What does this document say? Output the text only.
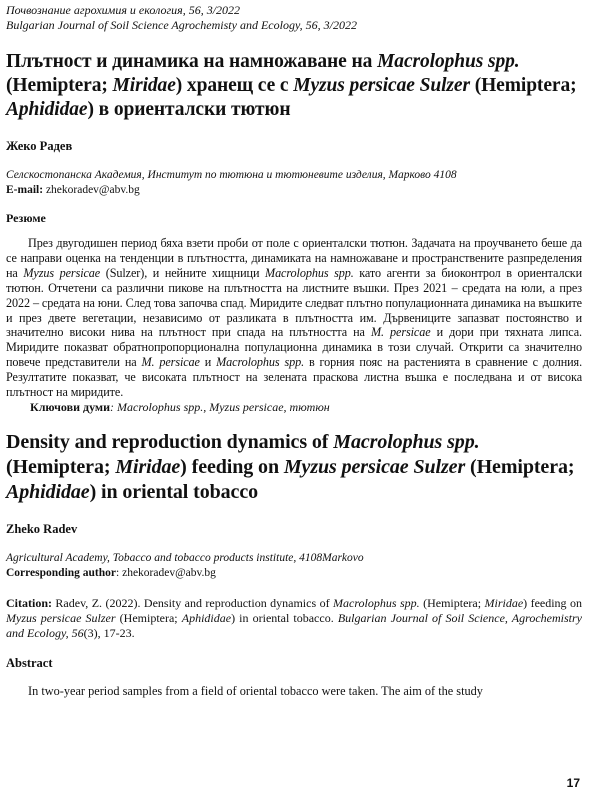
Почвознание агрохимия и екология, 56, 3/2022

Bulgarian Journal of Soil Science Agrochemisty and Ecology, 56, 3/2022

Плътност и динамика на намножаване на Macrolophus spp. (Hemiptera; Miridae) хранещ се с Myzus persicae Sulzer (Hemiptera; Aphididae) в ориенталски тютюн

Жеко Радев

Селскостопанска Академия, Институт по тютюна и тютюневите изделия, Марково 4108

E-mail: zhekoradev@abv.bg

Резюме

През двугодишен период бяха взети проби от поле с ориенталски тютюн. Задачата на проучването беше да се направи оценка на тенденции в плътността, динамиката на намножаване и пространствените разпределения на Myzus persicae (Sulzer), и нейните хищници Macrolophus spp. като агенти за биоконтрол в ориенталски тютюн. Отчетени са различни пикове на плътността на листните въшки. През 2021 – средата на юли, а през 2022 – средата на юни. След това започва спад. Миридите следват плътно популационната динамика на въшките и през двете вегетации, независимо от разликата в плътността им. Дървениците запазват постоянство и значително високи нива на плътност при спада на плътността на M. persicae и дори при тяхната липса. Миридите показват обратнопропорционална популационна динамика в този случай. Открити са значително повече представители на M. persicae и Macrolophus spp. в горния пояс на растенията в сравнение с долния. Резултатите показват, че високата плътност на зелената праскова листна въшка е последвана и от висока плътност на миридите.

Ключови думи: Macrolophus spp., Myzus persicae, тютюн

Density and reproduction dynamics of Macrolophus spp. (Hemiptera; Miridae) feeding on Myzus persicae Sulzer (Hemiptera; Aphididae) in oriental tobacco

Zheko Radev

Agricultural Academy, Tobacco and tobacco products institute, 4108Markovo

Corresponding author: zhekoradev@abv.bg

Citation: Radev, Z. (2022). Density and reproduction dynamics of Macrolophus spp. (Hemiptera; Miridae) feeding on Myzus persicae Sulzer (Hemiptera; Aphididae) in oriental tobacco. Bulgarian Journal of Soil Science, Agrochemistry and Ecology, 56(3), 17-23.

Abstract

In two-year period samples from a field of oriental tobacco were taken. The aim of the study

17
